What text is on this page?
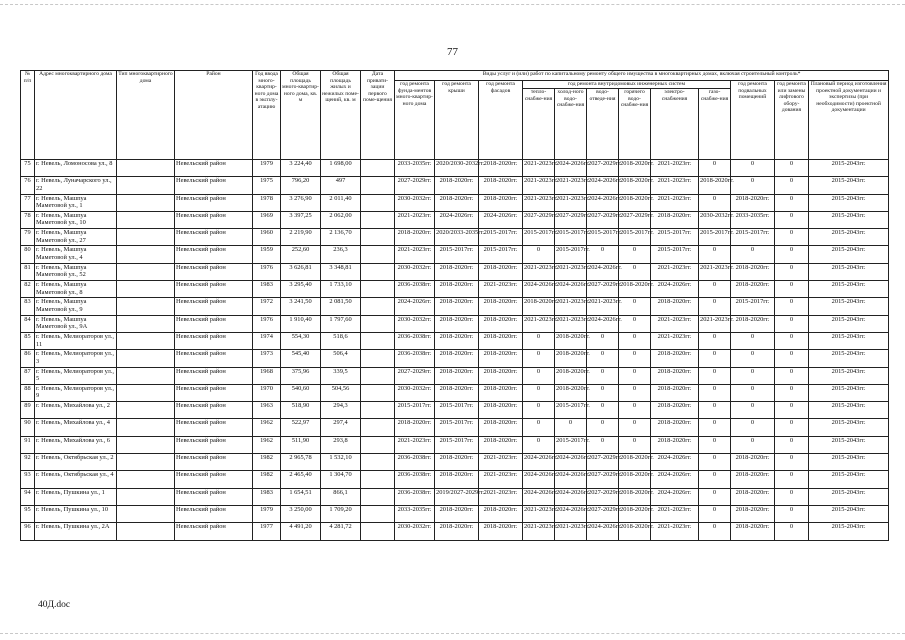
77
№ п/п	Адрес многоквартирного дома	Тип многоквартирного дома	Район	Год ввода много-квартир-ного дома в эксплу-атацию	Общая площадь много-квартир-ного дома, кв. м	Общая площадь жилых и нежилых поме-щений, кв. м	Дата привати-зации первого поме-щения	Виды услуг и (или) работ по капитальному ремонту общего имущества в многоквартирных домах, включая строительный контроль*											
								год ремонта фунда-ментов много-квартир-ного дома	год ремонта крыши	год ремонта фасадов	год ремонта внутридомовых инженерных систем						год ремонта подвальных помещений	год ремонта или замены лифтового обору-дования	Плановый период изготовления проектной документации и экспертизы (при необходимости) проектной документации
											тепло-снабже-ния	холод-ного водо-снабже-ния	водо-отведе-ния	горячего водо-снабже-ния	электро-снабжения	газо-снабже-ния			
75	г. Невель, Ломоносова ул., 8		Невельский район	1979	3 224,40	1 698,00		2033-2035гг.	2020/2030-2032гг.	2018-2020гг.	2021-2023гг.	2024-2026гг.	2027-2029гг.	2018-2020гг.	2021-2023гг.	0	0	0	2015-2043гг.
76	г. Невель, Луначарского ул., 22		Невельский район	1975	796,20	497		2027-2029гг.	2018-2020гг.	2018-2020гг.	2021-2023гг.	2021-2023гг.	2024-2026гг.	2018-2020гг.	2021-2023гг.	2018-2020гг.	0	0	2015-2043гг.
77	г. Невель, Машпуа Маметовой ул., 1		Невельский район	1978	3 276,90	2 011,40		2030-2032гг.	2018-2020гг.	2018-2020гг.	2021-2023гг.	2021-2023гг.	2024-2026гг.	2018-2020гг.	2021-2023гг.	0	2018-2020гг.	0	2015-2043гг.
78	г. Невель, Машпуа Маметовой ул., 10		Невельский район	1969	3 397,25	2 062,00		2021-2023гг.	2024-2026гг.	2024-2026гг.	2027-2029гг.	2027-2029гг.	2027-2029гг.	2027-2029гг.	2018-2020гг.	2030-2032гг.	2033-2035гг.	0	2015-2043гг.
79	г. Невель, Машпуа Маметовой ул., 27		Невельский район	1960	2 219,90	2 136,70		2018-2020гг.	2020/2033-2035гг.	2015-2017гг.	2015-2017гг.	2015-2017гг.	2015-2017гг.	2015-2017гг.	2015-2017гг.	2015-2017гг.	2015-2017гг.	0	2015-2043гг.
80	г. Невель, Машпуа Маметовой ул., 4		Невельский район	1959	252,60	236,3		2021-2023гг.	2015-2017гг.	2015-2017гг.	0	2015-2017гг.	0	0	2015-2017гг.	0	0	0	2015-2043гг.
81	г. Невель, Машпуа Маметовой ул., 52		Невельский район	1976	3 626,81	3 348,81		2030-2032гг.	2018-2020гг.	2018-2020гг.	2021-2023гг.	2021-2023гг.	2024-2026гг.	0	2021-2023гг.	2021-2023гг.	2018-2020гг.	0	2015-2043гг.
82	г. Невель, Машпуа Маметовой ул., 8		Невельский район	1983	3 295,40	1 733,10		2036-2038гг.	2018-2020гг.	2021-2023гг.	2024-2026гг.	2024-2026гг.	2027-2029гг.	2018-2020гг.	2024-2026гг.	0	2018-2020гг.	0	2015-2043гг.
83	г. Невель, Машпуа Маметовой ул., 9		Невельский район	1972	3 241,50	2 081,50		2024-2026гг.	2018-2020гг.	2018-2020гг.	2018-2020гг.	2021-2023гг.	2021-2023гг.	0	2018-2020гг.	0	2015-2017гг.	0	2015-2043гг.
84	г. Невель, Машпуа Маметовой ул., 9А		Невельский район	1976	1 910,40	1 797,60		2030-2032гг.	2018-2020гг.	2018-2020гг.	2021-2023гг.	2021-2023гг.	2024-2026гг.	0	2021-2023гг.	2021-2023гг.	2018-2020гг.	0	2015-2043гг.
85	г. Невель, Мелиораторов ул., 11		Невельский район	1974	554,30	518,6		2036-2038гг.	2018-2020гг.	2018-2020гг.	0	2018-2020гг.	0	0	2021-2023гг.	0	0	0	2015-2043гг.
86	г. Невель, Мелиораторов ул., 3		Невельский район	1973	545,40	506,4		2036-2038гг.	2018-2020гг.	2018-2020гг.	0	2018-2020гг.	0	0	2018-2020гг.	0	0	0	2015-2043гг.
87	г. Невель, Мелиораторов ул., 5		Невельский район	1968	375,96	339,5		2027-2029гг.	2018-2020гг.	2018-2020гг.	0	2018-2020гг.	0	0	2018-2020гг.	0	0	0	2015-2043гг.
88	г. Невель, Мелиораторов ул., 9		Невельский район	1970	540,60	504,56		2030-2032гг.	2018-2020гг.	2018-2020гг.	0	2018-2020гг.	0	0	2018-2020гг.	0	0	0	2015-2043гг.
89	г. Невель, Михайлова ул., 2		Невельский район	1963	518,90	294,3		2015-2017гг.	2015-2017гг.	2018-2020гг.	0	2015-2017гг.	0	0	2018-2020гг.	0	0	0	2015-2043гг.
90	г. Невель, Михайлова ул., 4		Невельский район	1962	522,97	297,4		2018-2020гг.	2015-2017гг.	2018-2020гг.	0	0	0	0	2018-2020гг.	0	0	0	2015-2043гг.
91	г. Невель, Михайлова ул., 6		Невельский район	1962	511,90	293,8		2021-2023гг.	2015-2017гг.	2018-2020гг.	0	2015-2017гг.	0	0	2018-2020гг.	0	0	0	2015-2043гг.
92	г. Невель, Октябрьская ул., 2		Невельский район	1982	2 965,78	1 532,10		2036-2038гг.	2018-2020гг.	2021-2023гг.	2024-2026гг.	2024-2026гг.	2027-2029гг.	2018-2020гг.	2024-2026гг.	0	2018-2020гг.	0	2015-2043гг.
93	г. Невель, Октябрьская ул., 4		Невельский район	1982	2 465,40	1 304,70		2036-2038гг.	2018-2020гг.	2021-2023гг.	2024-2026гг.	2024-2026гг.	2027-2029гг.	2018-2020гг.	2024-2026гг.	0	2018-2020гг.	0	2015-2043гг.
94	г. Невель, Пушкина ул., 1		Невельский район	1983	1 654,51	866,1		2036-2038гг.	2019/2027-2029гг.	2021-2023гг.	2024-2026гг.	2024-2026гг.	2027-2029гг.	2018-2020гг.	2024-2026гг.	0	2018-2020гг.	0	2015-2043гг.
95	г. Невель, Пушкина ул., 10		Невельский район	1979	3 250,00	1 709,20		2033-2035гг.	2018-2020гг.	2018-2020гг.	2021-2023гг.	2024-2026гг.	2027-2029гг.	2018-2020гг.	2021-2023гг.	0	2018-2020гг.	0	2015-2043гг.
96	г. Невель, Пушкина ул., 2А		Невельский район	1977	4 491,20	4 281,72		2030-2032гг.	2018-2020гг.	2018-2020гг.	2021-2023гг.	2021-2023гг.	2024-2026гг.	2018-2020гг.	2021-2023гг.	0	2018-2020гг.	0	2015-2043гг.
40Д.doc
